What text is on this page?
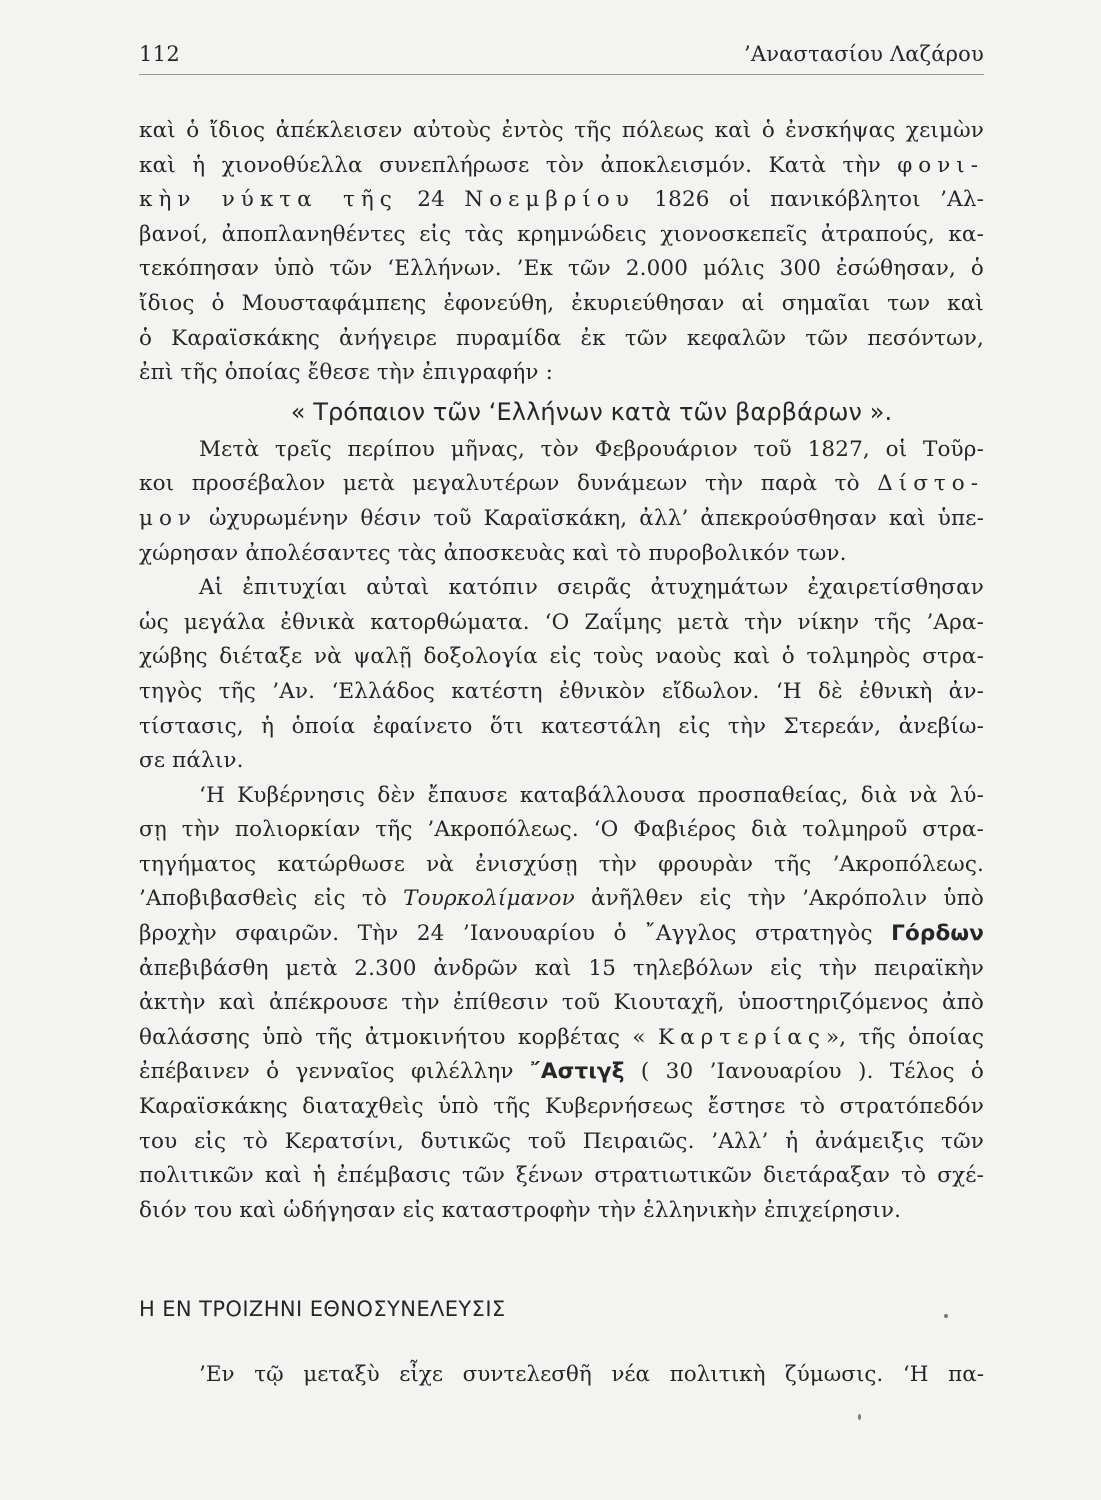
112	’Αναστασίου Λαζάρου
καὶ ὁ ἴδιος ἀπέκλεισεν αὐτοὺς ἐντὸς τῆς πόλεως καὶ ὁ ἐνσκήψας χειμὼν
καὶ ἡ χιονοθύελλα συνεπλήρωσε τὸν ἀποκλεισμόν. Κατὰ τὴν φονι-
κὴν νύκτα τῆς 24 Νοεμβρίου 1826 οἱ πανικόβλητοι ’Αλ-
βανοί, ἀποπλανηθέντες εἰς τὰς κρημνώδεις χιονοσκεπεῖς ἀτραπούς, κα-
τεκόπησαν ὑπὸ τῶν ‘Ελλήνων. ’Εκ τῶν 2.000 μόλις 300 ἐσώθησαν, ὁ
ἴδιος ὁ Μουσταφάμπεης ἐφονεύθη, ἐκυριεύθησαν αἱ σημαῖαι των καὶ
ὁ Καραϊσκάκης ἀνήγειρε πυραμίδα ἐκ τῶν κεφαλῶν τῶν πεσόντων,
ἐπὶ τῆς ὁποίας ἔθεσε τὴν ἐπιγραφήν :
« Τρόπαιον τῶν ‘Ελλήνων κατὰ τῶν βαρβάρων ».
Μετὰ τρεῖς περίπου μῆνας, τὸν Φεβρουάριον τοῦ 1827, οἱ Τοῦρ-
κοι προσέβαλον μετὰ μεγαλυτέρων δυνάμεων τὴν παρὰ τὸ Δίστο-
μον ὠχυρωμένην θέσιν τοῦ Καραϊσκάκη, ἀλλ’ ἀπεκρούσθησαν καὶ ὑπε-
χώρησαν ἀπολέσαντες τὰς ἀποσκευὰς καὶ τὸ πυροβολικόν των.
Αἱ ἐπιτυχίαι αὐταὶ κατόπιν σειρᾶς ἀτυχημάτων ἐχαιρετίσθησαν
ὡς μεγάλα ἐθνικὰ κατορθώματα. ‘Ο Ζαΐμης μετὰ τὴν νίκην τῆς ’Αρα-
χώβης διέταξε νὰ ψαλῇ δοξολογία εἰς τοὺς ναοὺς καὶ ὁ τολμηρὸς στρα-
τηγὸς τῆς ’Αν. ‘Ελλάδος κατέστη ἐθνικὸν εἴδωλον. ‘Η δὲ ἐθνικὴ ἀν-
τίστασις, ἡ ὁποία ἐφαίνετο ὅτι κατεστάλη εἰς τὴν Στερεάν, ἀνεβίω-
σε πάλιν.
‘Η Κυβέρνησις δὲν ἔπαυσε καταβάλλουσα προσπαθείας, διὰ νὰ λύ-
σῃ τὴν πολιορκίαν τῆς ’Ακροπόλεως. ‘Ο Φαβιέρος διὰ τολμηροῦ στρα-
τηγήματος κατώρθωσε νὰ ἐνισχύσῃ τὴν φρουρὰν τῆς ’Ακροπόλεως.
’Αποβιβασθεὶς εἰς τὸ Τουρκολίμανον ἀνῆλθεν εἰς τὴν ’Ακρόπολιν ὑπὸ
βροχὴν σφαιρῶν. Τὴν 24 ’Ιανουαρίου ὁ ῎Αγγλος στρατηγὸς Γόρδων
ἀπεβιβάσθη μετὰ 2.300 ἀνδρῶν καὶ 15 τηλεβόλων εἰς τὴν πειραϊκὴν
ἀκτὴν καὶ ἀπέκρουσε τὴν ἐπίθεσιν τοῦ Κιουταχῆ, ὑποστηριζόμενος ἀπὸ
θαλάσσης ὑπὸ τῆς ἀτμοκινήτου κορβέτας « Καρτερίας», τῆς ὁποίας
ἐπέβαινεν ὁ γενναῖος φιλέλλην ῎Αστιγξ ( 30 ’Ιανουαρίου ). Τέλος ὁ
Καραϊσκάκης διαταχθεὶς ὑπὸ τῆς Κυβερνήσεως ἔστησε τὸ στρατόπεδόν
του εἰς τὸ Κερατσίνι, δυτικῶς τοῦ Πειραιῶς. ’Αλλ’ ἡ ἀνάμειξις τῶν
πολιτικῶν καὶ ἡ ἐπέμβασις τῶν ξένων στρατιωτικῶν διετάραξαν τὸ σχέ-
διόν του καὶ ὡδήγησαν εἰς καταστροφὴν τὴν ἑλληνικὴν ἐπιχείρησιν.
Η ΕΝ ΤΡΟΙΖΗΝΙ ΕΘΝΟΣΥΝΕΛΕΥΣΙΣ
’Εν τῷ μεταξὺ εἶχε συντελεσθῆ νέα πολιτικὴ ζύμωσις. ‘Η πα-
